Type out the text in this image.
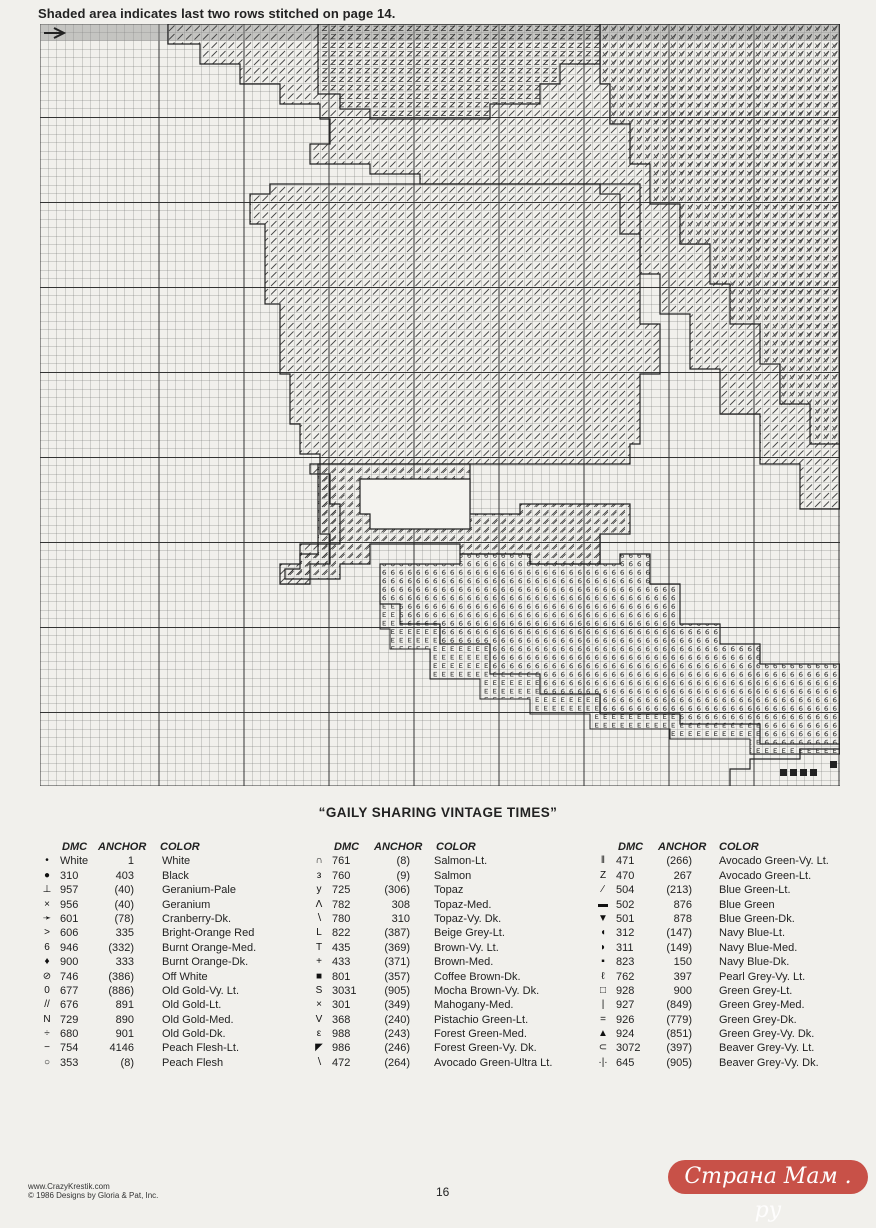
Shaded area indicates last two rows stitched on page 14.
“GAILY SHARING VINTAGE TIMES”
DMC ANCHOR COLOR
•	White	1	White
● 310	403	Black
⊥ 957	(40)	Geranium-Pale
× 956	(40)	Geranium
➛ 601	(78)	Cranberry-Dk.
> 606	335	Bright-Orange Red
6 946	(332)	Burnt Orange-Med.
♦ 900	333	Burnt Orange-Dk.
⊘ 746	(386)	Off White
0 677	(886)	Old Gold-Vy. Lt.
// 676	891	Old Gold-Lt.
N 729	890	Old Gold-Med.
÷ 680	901	Old Gold-Dk.
− 754	4146	Peach Flesh-Lt.
○ 353	(8)	Peach Flesh
DMC ANCHOR COLOR
∩ 761	(8) Salmon-Lt.
з 760	(9) Salmon
y 725	(306) Topaz
Λ 782	308 Topaz-Med.
∖ 780	310 Topaz-Vy. Dk.
L 822	(387) Beige Grey-Lt.
T 435	(369) Brown-Vy. Lt.
+ 433	(371) Brown-Med.
■ 801	(357) Coffee Brown-Dk.
S 3031	(905) Mocha Brown-Vy. Dk.
× 301	(349) Mahogany-Med.
V 368	(240) Pistachio Green-Lt.
ε 988	(243) Forest Green-Med.
◤ 986	(246) Forest Green-Vy. Dk.
∖ 472	(264) Avocado Green-Ultra Lt.
DMC ANCHOR COLOR
‖ 471	(266) Avocado Green-Vy. Lt.
Z 470	267 Avocado Green-Lt.
∕	504	(213) Blue Green-Lt.
▬ 502	876 Blue Green
▼ 501	878 Blue Green-Dk.
◖ 312	(147) Navy Blue-Lt.
◗ 311	(149) Navy Blue-Med.
▪	823	150 Navy Blue-Dk.
ℓ	762	397 Pearl Grey-Vy. Lt.
□ 928	900 Green Grey-Lt.
|	927	(849) Green Grey-Med.
= 926	(779) Green Grey-Dk.
▲ 924	(851) Green Grey-Vy. Dk.
⊂ 3072	(397) Beaver Grey-Vy. Lt.
·|· 645	(905) Beaver Grey-Vy. Dk.
www.CrazyKrestik.com
© 1986 Designs by Gloria & Pat, Inc.	16
Страна Мам . ру
